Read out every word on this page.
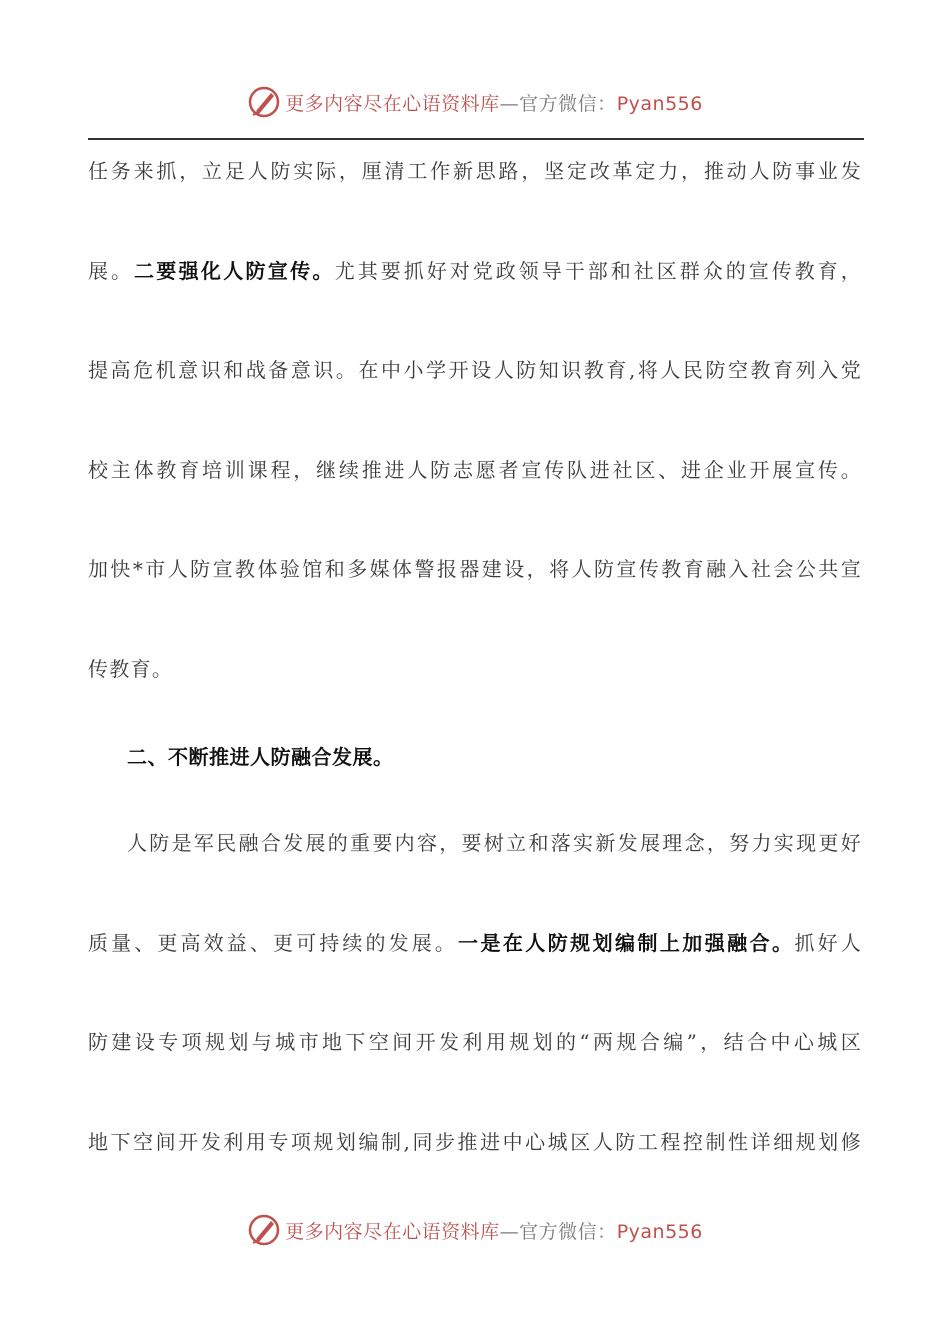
更多内容尽在心语资料库—官方微信：Pyan556
任务来抓，立足人防实际，厘清工作新思路，坚定改革定力，推动人防事业发
展。二要强化人防宣传。尤其要抓好对党政领导干部和社区群众的宣传教育，
提高危机意识和战备意识。在中小学开设人防知识教育,将人民防空教育列入党
校主体教育培训课程，继续推进人防志愿者宣传队进社区、进企业开展宣传。
加快*市人防宣教体验馆和多媒体警报器建设，将人防宣传教育融入社会公共宣
传教育。
二、不断推进人防融合发展。
人防是军民融合发展的重要内容，要树立和落实新发展理念，努力实现更好
质量、更高效益、更可持续的发展。一是在人防规划编制上加强融合。抓好人
防建设专项规划与城市地下空间开发利用规划的“两规合编”，结合中心城区
地下空间开发利用专项规划编制,同步推进中心城区人防工程控制性详细规划修
更多内容尽在心语资料库—官方微信：Pyan556
